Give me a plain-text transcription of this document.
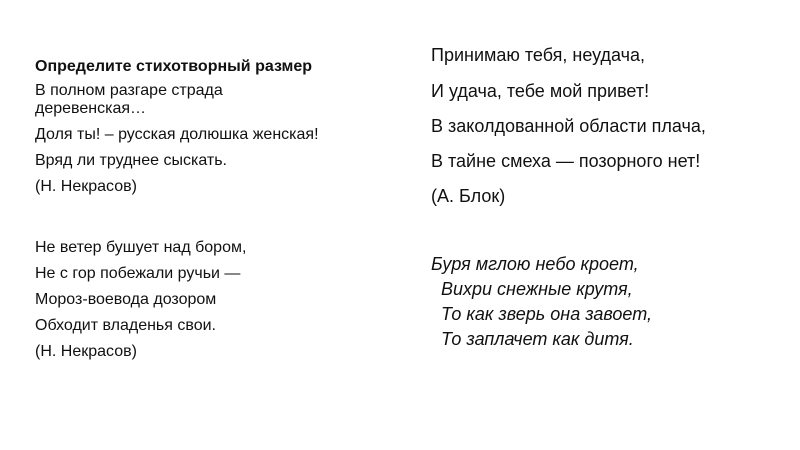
Определите стихотворный размер
В полном разгаре страда
деревенская…
Доля ты! – русская долюшка женская!
Вряд ли труднее сыскать.
(Н. Некрасов)
Не ветер бушует над бором,
Не с гор побежали ручьи —
Мороз-воевода дозором
Обходит владенья свои.
(Н. Некрасов)
Принимаю тебя, неудача,
И удача, тебе мой привет!
В заколдованной области плача,
В тайне смеха — позорного нет!
(А. Блок)
Буря мглою небо кроет,
Вихри снежные крутя,
То как зверь она завоет,
То заплачет как дитя.
